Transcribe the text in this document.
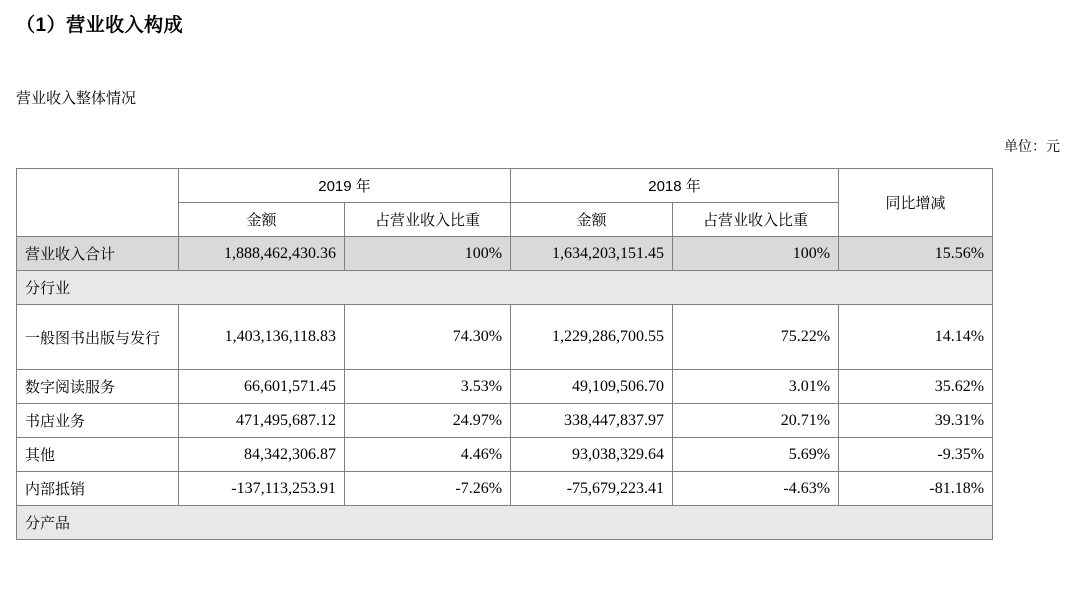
（1）营业收入构成
营业收入整体情况
单位：元
	2019 年		2018 年		同比增减
	金额	占营业收入比重	金额	占营业收入比重	
营业收入合计	1,888,462,430.36	100%	1,634,203,151.45	100%	15.56%
分行业					
一般图书出版与发行	1,403,136,118.83	74.30%	1,229,286,700.55	75.22%	14.14%
数字阅读服务	66,601,571.45	3.53%	49,109,506.70	3.01%	35.62%
书店业务	471,495,687.12	24.97%	338,447,837.97	20.71%	39.31%
其他	84,342,306.87	4.46%	93,038,329.64	5.69%	-9.35%
内部抵销	-137,113,253.91	-7.26%	-75,679,223.41	-4.63%	-81.18%
分产品					
